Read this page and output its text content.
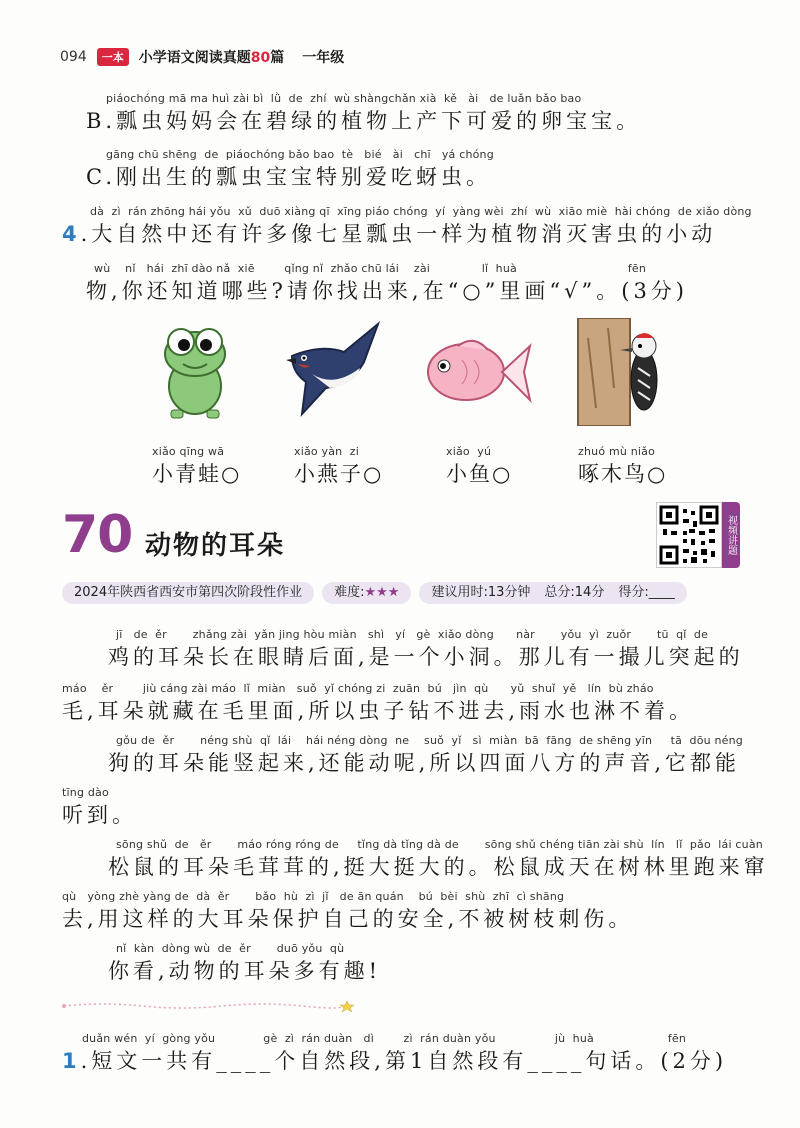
094	一本	小学语文阅读真题80篇 一年级
piáochóng mā ma huì zài bì  lǜ  de  zhí  wù shàngchǎn xià  kě   ài   de luǎn bǎo bao
B.瓢虫妈妈会在碧绿的植物上产下可爱的卵宝宝。
gāng chū shēng  de  piáochóng bǎo bao  tè   bié   ài   chī   yá chóng
C.刚出生的瓢虫宝宝特别爱吃蚜虫。
dà  zì  rán zhōng hái yǒu  xǔ  duō xiàng qī  xīng piáo chóng  yí  yàng wèi  zhí  wù  xiāo miè  hài chóng  de xiǎo dòng
4.大自然中还有许多像七星瓢虫一样为植物消灭害虫的小动
wù    nǐ   hái  zhī dào nǎ  xiē        qǐng nǐ  zhǎo chū lái    zài              lǐ  huà                              fēn
物,你还知道哪些?请你找出来,在“○”里画“√”。(3分)
xiǎo qīng wā
小青蛙○
xiǎo yàn  zi
小燕子○
xiǎo  yú
小鱼○
zhuó mù niǎo
啄木鸟○
70 动物的耳朵	视频讲题
2024年陕西省西安市第四次阶段性作业	难度:★★★	建议用时:13分钟 总分:14分 得分:____
jī   de  ěr       zhǎng zài  yǎn jing hòu miàn   shì   yí   gè  xiǎo dòng      nàr       yǒu  yì  zuǒr       tū  qǐ  de
鸡的耳朵长在眼睛后面,是一个小洞。那儿有一撮儿突起的
máo    ěr        jiù cáng zài máo  lǐ  miàn   suǒ  yǐ chóng zi  zuān  bú   jìn  qù      yǔ  shuǐ  yě   lín  bù zháo
毛,耳朵就藏在毛里面,所以虫子钻不进去,雨水也淋不着。
gǒu de  ěr       néng shù  qǐ  lái    hái néng dòng  ne    suǒ  yǐ   sì  miàn  bā  fāng  de shēng yīn     tā  dōu néng
狗的耳朵能竖起来,还能动呢,所以四面八方的声音,它都能
tīng dào
听到。
sōng shǔ  de   ěr       máo róng róng de     tǐng dà tǐng dà de       sōng shǔ chéng tiān zài shù  lín   lǐ  pǎo  lái cuàn
松鼠的耳朵毛茸茸的,挺大挺大的。松鼠成天在树林里跑来窜
qù   yòng zhè yàng de  dà  ěr       bǎo  hù  zì  jǐ   de ān quán    bú  bèi  shù  zhī  cì shāng
去,用这样的大耳朵保护自己的安全,不被树枝刺伤。
nǐ  kàn  dòng wù  de  ěr       duō yǒu  qù
你看,动物的耳朵多有趣!
duǎn wén  yí  gòng yǒu             gè  zì  rán duàn   dì        zì  rán duàn yǒu                jù  huà                    fēn
1.短文一共有____个自然段,第1自然段有____句话。(2分)
